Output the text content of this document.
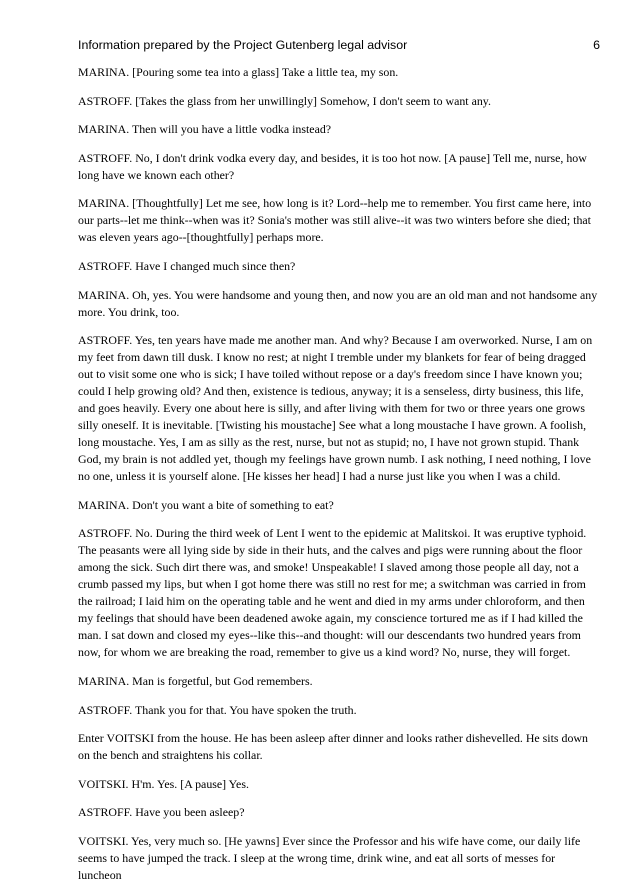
Information prepared by the Project Gutenberg legal advisor	6

MARINA. [Pouring some tea into a glass] Take a little tea, my son.

ASTROFF. [Takes the glass from her unwillingly] Somehow, I don't seem to want any.

MARINA. Then will you have a little vodka instead?

ASTROFF. No, I don't drink vodka every day, and besides, it is too hot now. [A pause] Tell me, nurse, how long have we known each other?

MARINA. [Thoughtfully] Let me see, how long is it? Lord--help me to remember. You first came here, into our parts--let me think--when was it? Sonia's mother was still alive--it was two winters before she died; that was eleven years ago--[thoughtfully] perhaps more.

ASTROFF. Have I changed much since then?

MARINA. Oh, yes. You were handsome and young then, and now you are an old man and not handsome any more. You drink, too.

ASTROFF. Yes, ten years have made me another man. And why? Because I am overworked. Nurse, I am on my feet from dawn till dusk. I know no rest; at night I tremble under my blankets for fear of being dragged out to visit some one who is sick; I have toiled without repose or a day's freedom since I have known you; could I help growing old? And then, existence is tedious, anyway; it is a senseless, dirty business, this life, and goes heavily. Every one about here is silly, and after living with them for two or three years one grows silly oneself. It is inevitable. [Twisting his moustache] See what a long moustache I have grown. A foolish, long moustache. Yes, I am as silly as the rest, nurse, but not as stupid; no, I have not grown stupid. Thank God, my brain is not addled yet, though my feelings have grown numb. I ask nothing, I need nothing, I love no one, unless it is yourself alone. [He kisses her head] I had a nurse just like you when I was a child.

MARINA. Don't you want a bite of something to eat?

ASTROFF. No. During the third week of Lent I went to the epidemic at Malitskoi. It was eruptive typhoid. The peasants were all lying side by side in their huts, and the calves and pigs were running about the floor among the sick. Such dirt there was, and smoke! Unspeakable! I slaved among those people all day, not a crumb passed my lips, but when I got home there was still no rest for me; a switchman was carried in from the railroad; I laid him on the operating table and he went and died in my arms under chloroform, and then my feelings that should have been deadened awoke again, my conscience tortured me as if I had killed the man. I sat down and closed my eyes--like this--and thought: will our descendants two hundred years from now, for whom we are breaking the road, remember to give us a kind word? No, nurse, they will forget.

MARINA. Man is forgetful, but God remembers.

ASTROFF. Thank you for that. You have spoken the truth.

Enter VOITSKI from the house. He has been asleep after dinner and looks rather dishevelled. He sits down on the bench and straightens his collar.

VOITSKI. H'm. Yes. [A pause] Yes.

ASTROFF. Have you been asleep?

VOITSKI. Yes, very much so. [He yawns] Ever since the Professor and his wife have come, our daily life seems to have jumped the track. I sleep at the wrong time, drink wine, and eat all sorts of messes for luncheon
